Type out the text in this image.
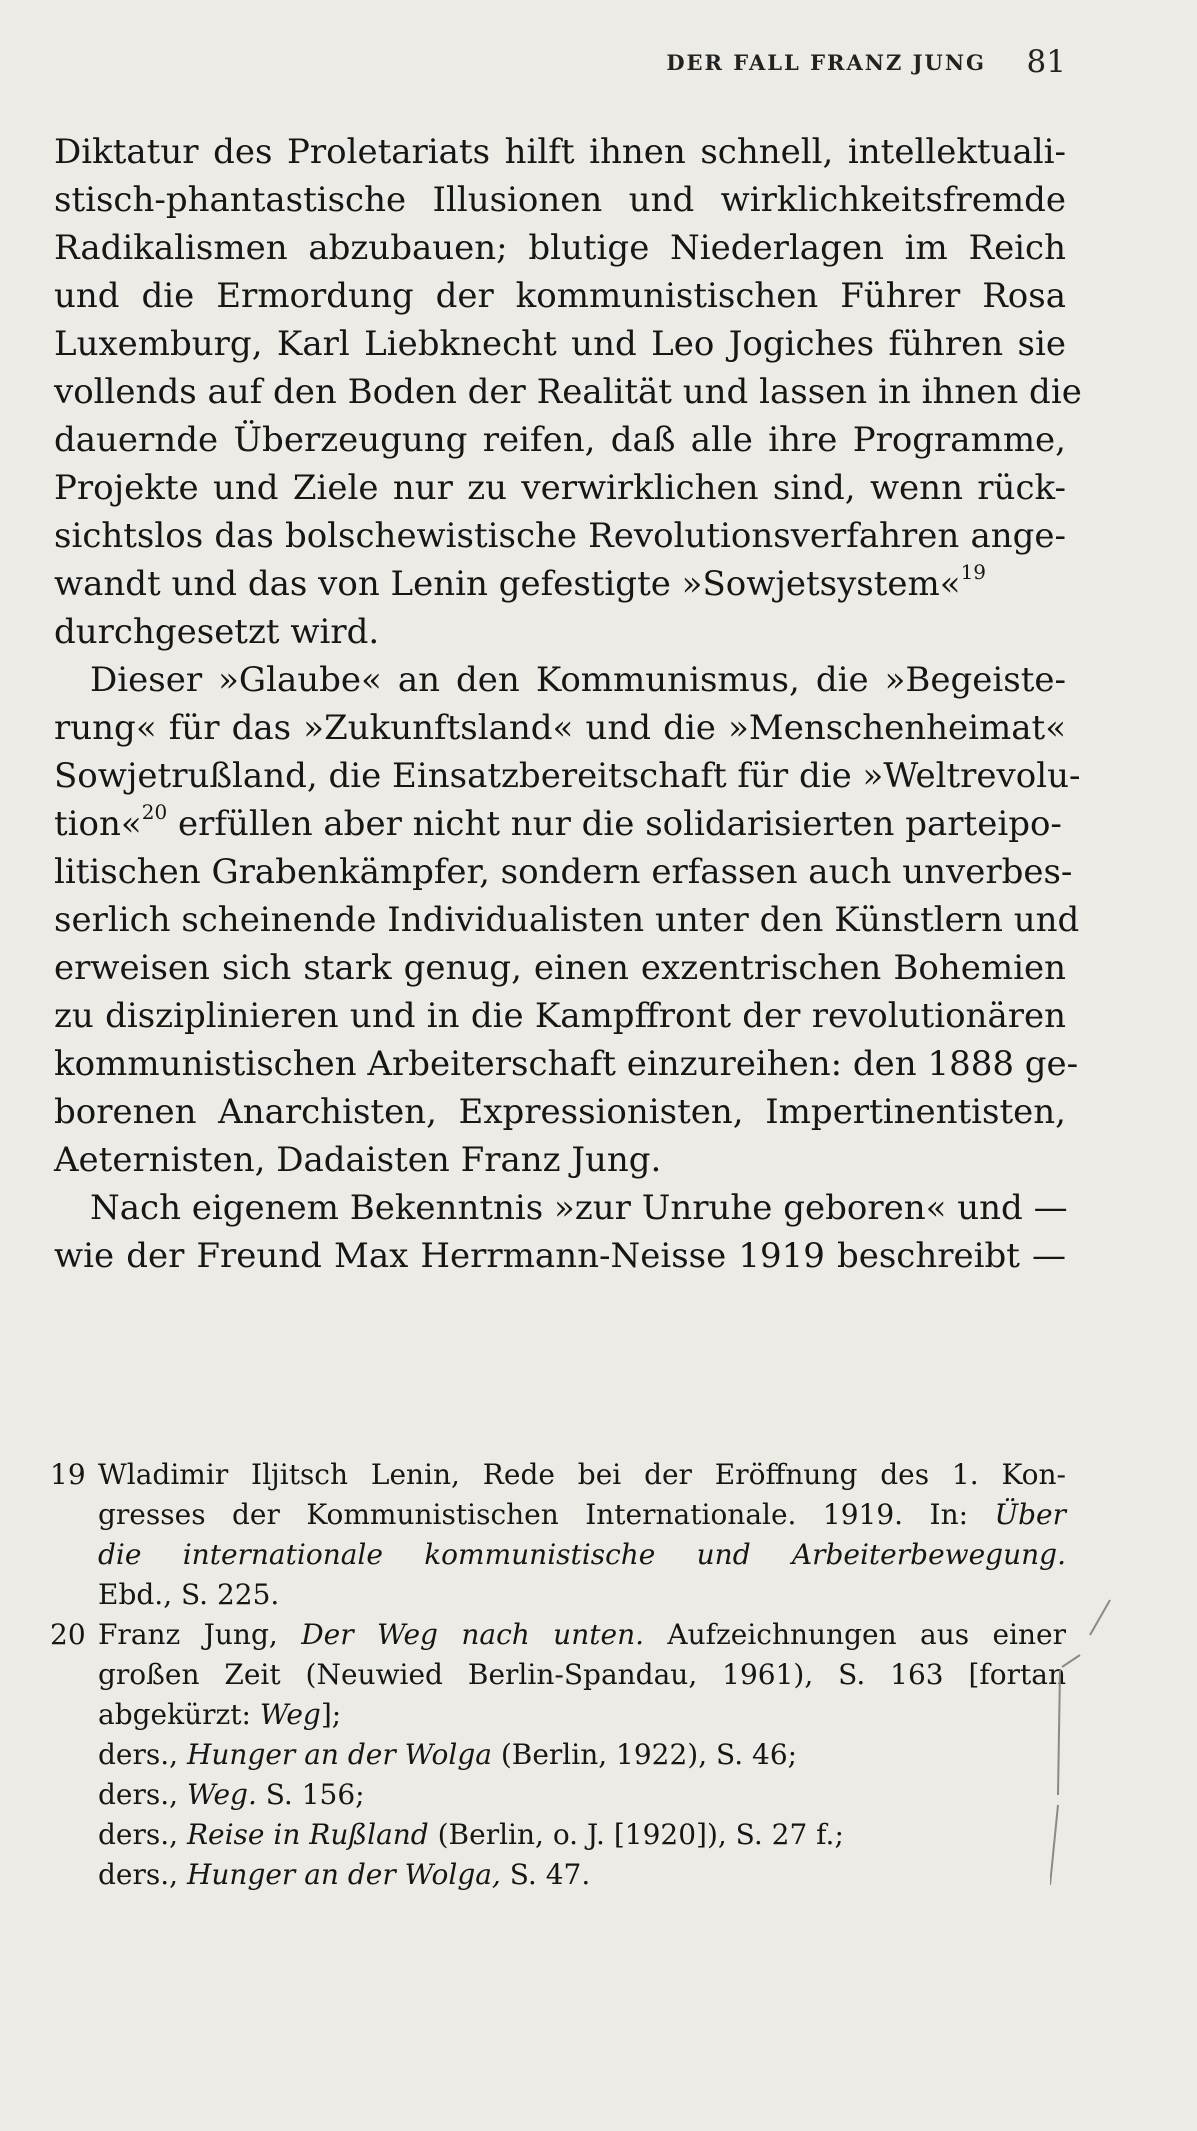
DER FALL FRANZ JUNG 81
Diktatur des Proletariats hilft ihnen schnell, intellektuali-
stisch-phantastische Illusionen und wirklichkeitsfremde
Radikalismen abzubauen; blutige Niederlagen im Reich
und die Ermordung der kommunistischen Führer Rosa
Luxemburg, Karl Liebknecht und Leo Jogiches führen sie
vollends auf den Boden der Realität und lassen in ihnen die
dauernde Überzeugung reifen, daß alle ihre Programme,
Projekte und Ziele nur zu verwirklichen sind, wenn rück-
sichtslos das bolschewistische Revolutionsverfahren ange-
wandt und das von Lenin gefestigte »Sowjetsystem«$^{19}$
durchgesetzt wird.
Dieser »Glaube« an den Kommunismus, die »Begeiste-
rung« für das »Zukunftsland« und die »Menschenheimat«
Sowjetrußland, die Einsatzbereitschaft für die »Weltrevolu-
tion«$^{20}$ erfüllen aber nicht nur die solidarisierten parteipo-
litischen Grabenkämpfer, sondern erfassen auch unverbes-
serlich scheinende Individualisten unter den Künstlern und
erweisen sich stark genug, einen exzentrischen Bohemien
zu disziplinieren und in die Kampffront der revolutionären
kommunistischen Arbeiterschaft einzureihen: den 1888 ge-
borenen Anarchisten, Expressionisten, Impertinentisten,
Aeternisten, Dadaisten Franz Jung.
Nach eigenem Bekenntnis »zur Unruhe geboren« und —
wie der Freund Max Herrmann-Neisse 1919 beschreibt —
19 Wladimir Iljitsch Lenin, Rede bei der Eröffnung des 1. Kon-
gresses der Kommunistischen Internationale. 1919. In: Über
die internationale kommunistische und Arbeiterbewegung.
Ebd., S. 225.
20 Franz Jung, Der Weg nach unten. Aufzeichnungen aus einer
großen Zeit (Neuwied Berlin-Spandau, 1961), S. 163 [fortan
abgekürzt: Weg];
ders., Hunger an der Wolga (Berlin, 1922), S. 46;
ders., Weg. S. 156;
ders., Reise in Rußland (Berlin, o. J. [1920]), S. 27 f.;
ders., Hunger an der Wolga, S. 47.
